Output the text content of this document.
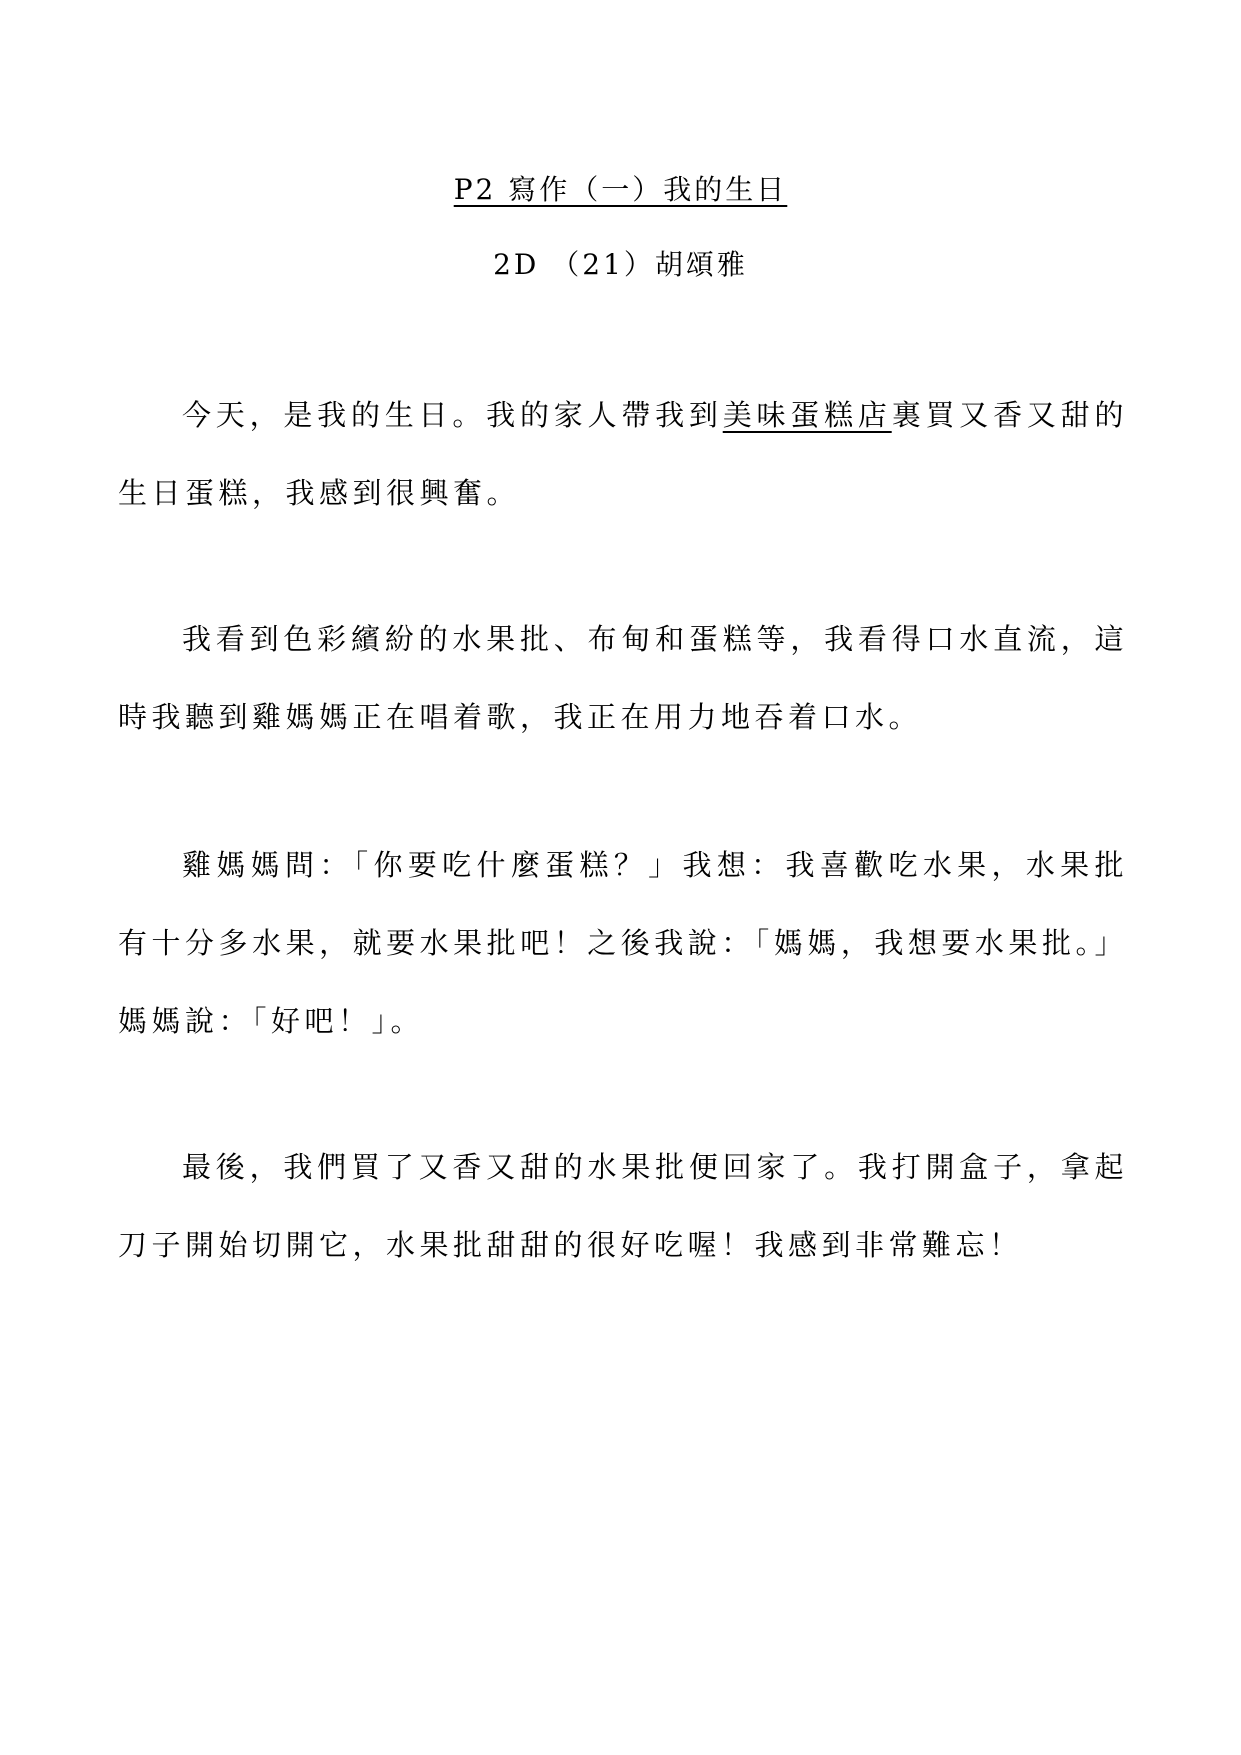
P2 寫作（一）我的生日
2D （21）胡頌雅

今天，是我的生日。我的家人帶我到美味蛋糕店裏買又香又甜的生日蛋糕，我感到很興奮。

我看到色彩繽紛的水果批、布甸和蛋糕等，我看得口水直流，這時我聽到雞媽媽正在唱着歌，我正在用力地吞着口水。

雞媽媽問：「你要吃什麼蛋糕？」我想：我喜歡吃水果，水果批有十分多水果，就要水果批吧！之後我說：「媽媽，我想要水果批。」媽媽說：「好吧！」。

最後，我們買了又香又甜的水果批便回家了。我打開盒子，拿起刀子開始切開它，水果批甜甜的很好吃喔！我感到非常難忘！
